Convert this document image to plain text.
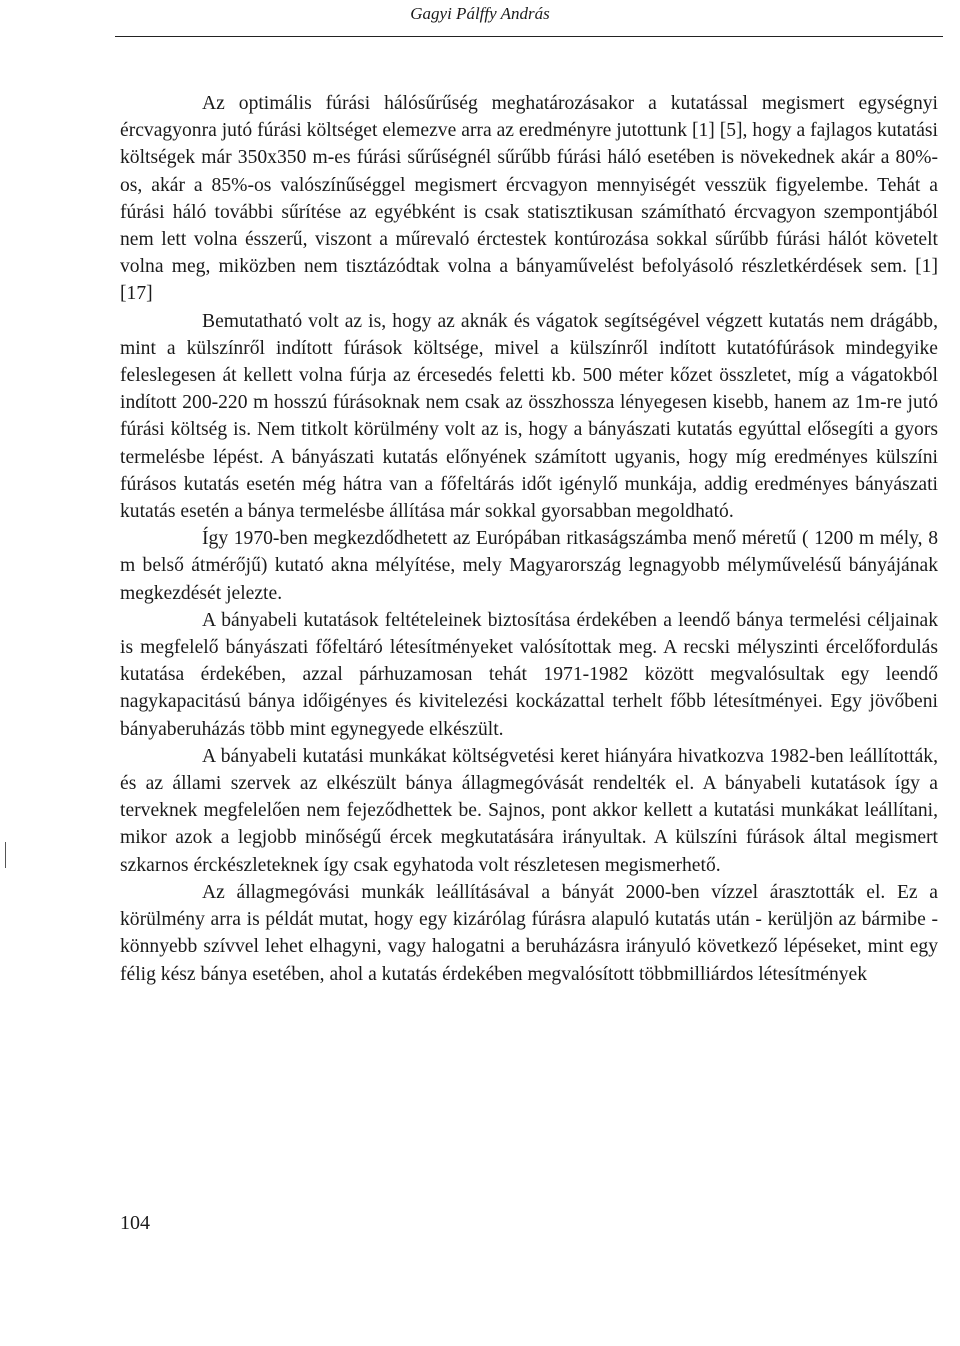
Gagyi Pálffy András

Az optimális fúrási hálósűrűség meghatározásakor a kutatással megismert egységnyi ércvagyonra jutó fúrási költséget elemezve arra az eredményre jutottunk [1] [5], hogy a fajlagos kutatási költségek már 350x350 m-es fúrási sűrűségnél sűrűbb fúrási háló esetében is növekednek akár a 80%-os, akár a 85%-os valószínűséggel megismert ércvagyon mennyiségét vesszük figyelembe. Tehát a fúrási háló további sűrítése az egyébként is csak statisztikusan számítható ércvagyon szempontjából nem lett volna ésszerű, viszont a műrevaló érctestek kontúrozása sokkal sűrűbb fúrási hálót követelt volna meg, miközben nem tisztázódtak volna a bányaművelést befolyásoló részletkérdések sem. [1] [17]

Bemutatható volt az is, hogy az aknák és vágatok segítségével végzett kutatás nem drágább, mint a külszínről indított fúrások költsége, mivel a külszínről indított kutatófúrások mindegyike feleslegesen át kellett volna fúrja az ércesedés feletti kb. 500 méter kőzet összletet, míg a vágatokból indított 200-220 m hosszú fúrásoknak nem csak az összhossza lényegesen kisebb, hanem az 1m-re jutó fúrási költség is. Nem titkolt körülmény volt az is, hogy a bányászati kutatás egyúttal elősegíti a gyors termelésbe lépést. A bányászati kutatás előnyének számított ugyanis, hogy míg eredményes külszíni fúrásos kutatás esetén még hátra van a főfeltárás időt igénylő munkája, addig eredményes bányászati kutatás esetén a bánya termelésbe állítása már sokkal gyorsabban megoldható.

Így 1970-ben megkezdődhetett az Európában ritkaságszámba menő méretű ( 1200 m mély, 8 m belső átmérőjű) kutató akna mélyítése, mely Magyarország legnagyobb mélyművelésű bányájának megkezdését jelezte.

A bányabeli kutatások feltételeinek biztosítása érdekében a leendő bánya termelési céljainak is megfelelő bányászati főfeltáró létesítményeket valósítottak meg. A recski mélyszinti ércelőfordulás kutatása érdekében, azzal párhuzamosan tehát 1971-1982 között megvalósultak egy leendő nagykapacitású bánya időigényes és kivitelezési kockázattal terhelt főbb létesítményei. Egy jövőbeni bányaberuházás több mint egynegyede elkészült.

A bányabeli kutatási munkákat költségvetési keret hiányára hivatkozva 1982-ben leállították, és az állami szervek az elkészült bánya állagmegóvását rendelték el. A bányabeli kutatások így a terveknek megfelelően nem fejeződhettek be. Sajnos, pont akkor kellett a kutatási munkákat leállítani, mikor azok a legjobb minőségű ércek megkutatására irányultak. A külszíni fúrások által megismert szkarnos érckészleteknek így csak egyhatoda volt részletesen megismerhető.

Az állagmegóvási munkák leállításával a bányát 2000-ben vízzel árasztották el. Ez a körülmény arra is példát mutat, hogy egy kizárólag fúrásra alapuló kutatás után - kerüljön az bármibe - könnyebb szívvel lehet elhagyni, vagy halogatni a beruházásra irányuló következő lépéseket, mint egy félig kész bánya esetében, ahol a kutatás érdekében megvalósított többmilliárdos létesítmények

104
